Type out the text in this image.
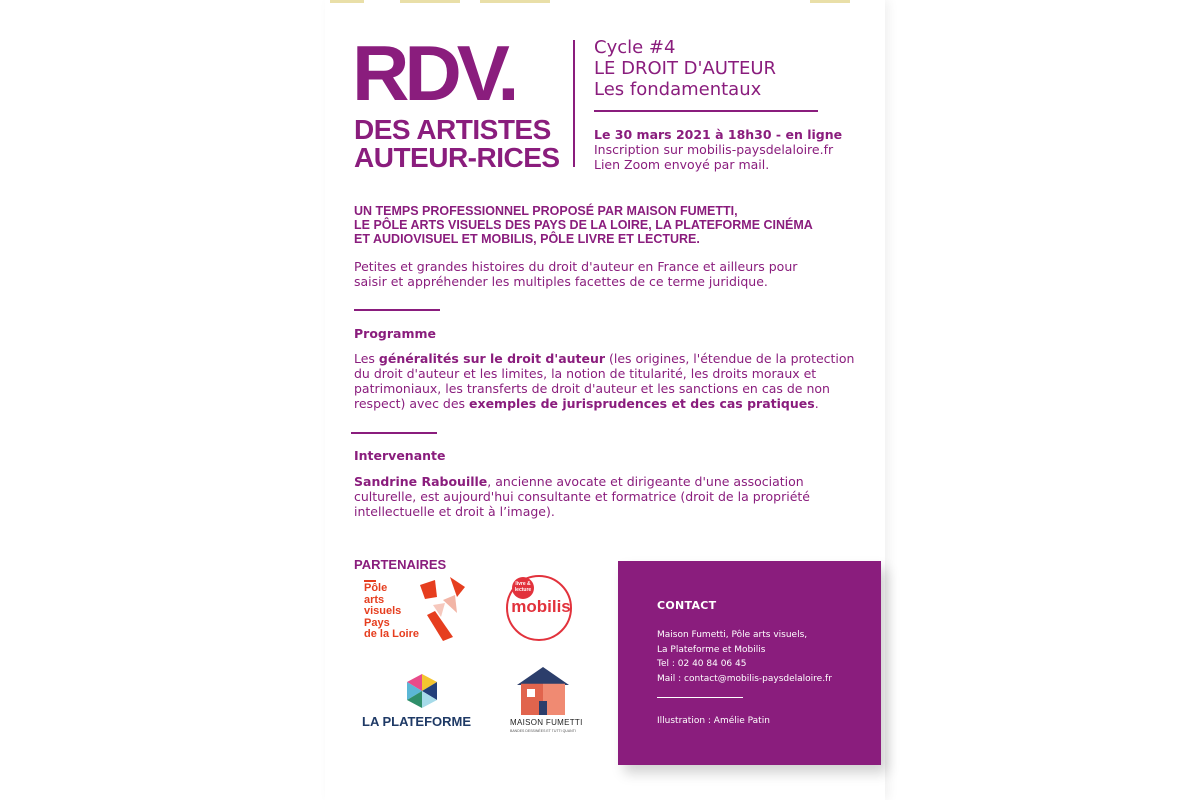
RDV.
DES ARTISTES
AUTEUR-RICES
Cycle #4
LE DROIT D'AUTEUR
Les fondamentaux
Le 30 mars 2021 à 18h30 - en ligne
Inscription sur mobilis-paysdelaloire.fr
Lien Zoom envoyé par mail.
UN TEMPS PROFESSIONNEL PROPOSÉ PAR MAISON FUMETTI,
LE PÔLE ARTS VISUELS DES PAYS DE LA LOIRE, LA PLATEFORME CINÉMA
ET AUDIOVISUEL ET MOBILIS, PÔLE LIVRE ET LECTURE.
Petites et grandes histoires du droit d'auteur en France et ailleurs pour
saisir et appréhender les multiples facettes de ce terme juridique.
Programme
Les généralités sur le droit d'auteur (les origines, l'étendue de la protection
du droit d'auteur et les limites, la notion de titularité, les droits moraux et
patrimoniaux, les transferts de droit d'auteur et les sanctions en cas de non
respect) avec des exemples de jurisprudences et des cas pratiques.
Intervenante
Sandrine Rabouille, ancienne avocate et dirigeante d'une association
culturelle, est aujourd'hui consultante et formatrice (droit de la propriété
intellectuelle et droit à l’image).
PARTENAIRES
Pôle
arts
visuels
Pays
de la Loire
livre & lecture
mobilis
LA PLATEFORME	MAISON FUMETTI
BANDES DESSINÉES ET TUTTI QUANTI
CONTACT
Maison Fumetti, Pôle arts visuels,
La Plateforme et Mobilis
Tel : 02 40 84 06 45
Mail : contact@mobilis-paysdelaloire.fr
Illustration : Amélie Patin
